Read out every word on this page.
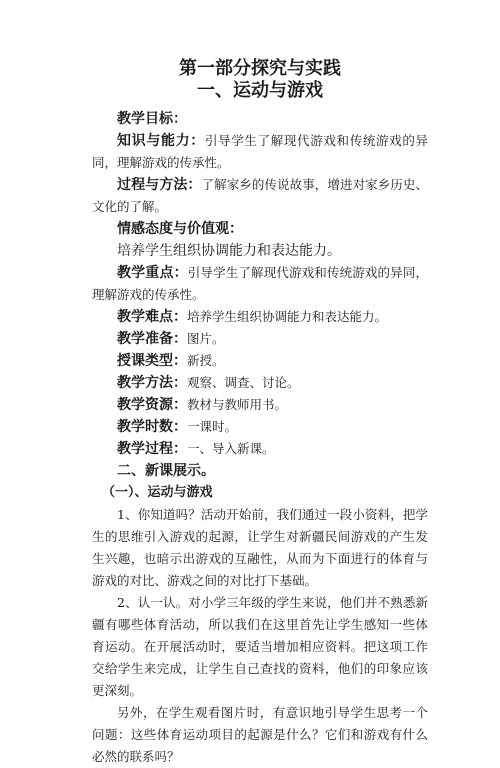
第一部分探究与实践

一、运动与游戏

教学目标：

知识与能力：引导学生了解现代游戏和传统游戏的异同，理解游戏的传承性。

过程与方法：了解家乡的传说故事，增进对家乡历史、文化的了解。

情感态度与价值观：

培养学生组织协调能力和表达能力。

教学重点：引导学生了解现代游戏和传统游戏的异同，理解游戏的传承性。

教学难点：培养学生组织协调能力和表达能力。

教学准备：图片。

授课类型：新授。

教学方法：观察、调查、讨论。

教学资源：教材与教师用书。

教学时数：一课时。

教学过程：一、导入新课。

二、新课展示。

（一）、运动与游戏

1、你知道吗？活动开始前，我们通过一段小资料，把学生的思维引入游戏的起源，让学生对新疆民间游戏的产生发生兴趣，也暗示出游戏的互融性，从而为下面进行的体育与游戏的对比、游戏之间的对比打下基础。

2、认一认。对小学三年级的学生来说，他们并不熟悉新疆有哪些体育活动，所以我们在这里首先让学生感知一些体育运动。在开展活动时，要适当增加相应资料。把这项工作交给学生来完成，让学生自己查找的资料，他们的印象应该更深刻。

另外，在学生观看图片时，有意识地引导学生思考一个问题：这些体育运动项目的起源是什么？它们和游戏有什么必然的联系吗？
